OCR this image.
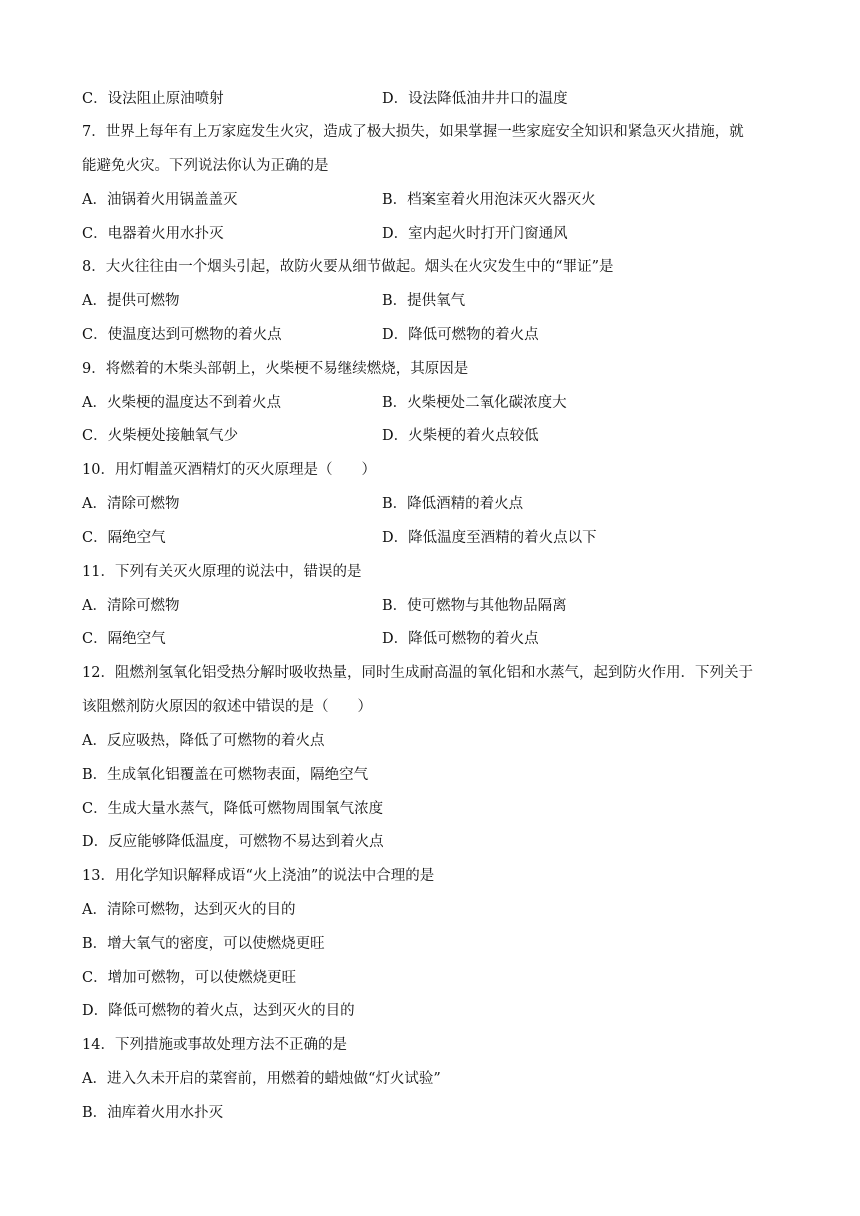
C．设法阻止原油喷射	D．设法降低油井井口的温度
7．世界上每年有上万家庭发生火灾，造成了极大损失，如果掌握一些家庭安全知识和紧急灭火措施，就
能避免火灾。下列说法你认为正确的是
A．油锅着火用锅盖盖灭	B．档案室着火用泡沫灭火器灭火
C．电器着火用水扑灭	D．室内起火时打开门窗通风
8．大火往往由一个烟头引起，故防火要从细节做起。烟头在火灾发生中的“罪证”是
A．提供可燃物	B．提供氧气
C．使温度达到可燃物的着火点	D．降低可燃物的着火点
9．将燃着的木柴头部朝上，火柴梗不易继续燃烧，其原因是
A．火柴梗的温度达不到着火点	B．火柴梗处二氧化碳浓度大
C．火柴梗处接触氧气少	D．火柴梗的着火点较低
10．用灯帽盖灭酒精灯的灭火原理是（　　）
A．清除可燃物	B．降低酒精的着火点
C．隔绝空气	D．降低温度至酒精的着火点以下
11．下列有关灭火原理的说法中，错误的是
A．清除可燃物	B．使可燃物与其他物品隔离
C．隔绝空气	D．降低可燃物的着火点
12．阻燃剂氢氧化铝受热分解时吸收热量，同时生成耐高温的氧化铝和水蒸气，起到防火作用．下列关于
该阻燃剂防火原因的叙述中错误的是（　　）
A．反应吸热，降低了可燃物的着火点
B．生成氧化铝覆盖在可燃物表面，隔绝空气
C．生成大量水蒸气，降低可燃物周围氧气浓度
D．反应能够降低温度，可燃物不易达到着火点
13．用化学知识解释成语“火上浇油”的说法中合理的是
A．清除可燃物，达到灭火的目的
B．增大氧气的密度，可以使燃烧更旺
C．增加可燃物，可以使燃烧更旺
D．降低可燃物的着火点，达到灭火的目的
14．下列措施或事故处理方法不正确的是
A．进入久未开启的菜窖前，用燃着的蜡烛做“灯火试验”
B．油库着火用水扑灭
